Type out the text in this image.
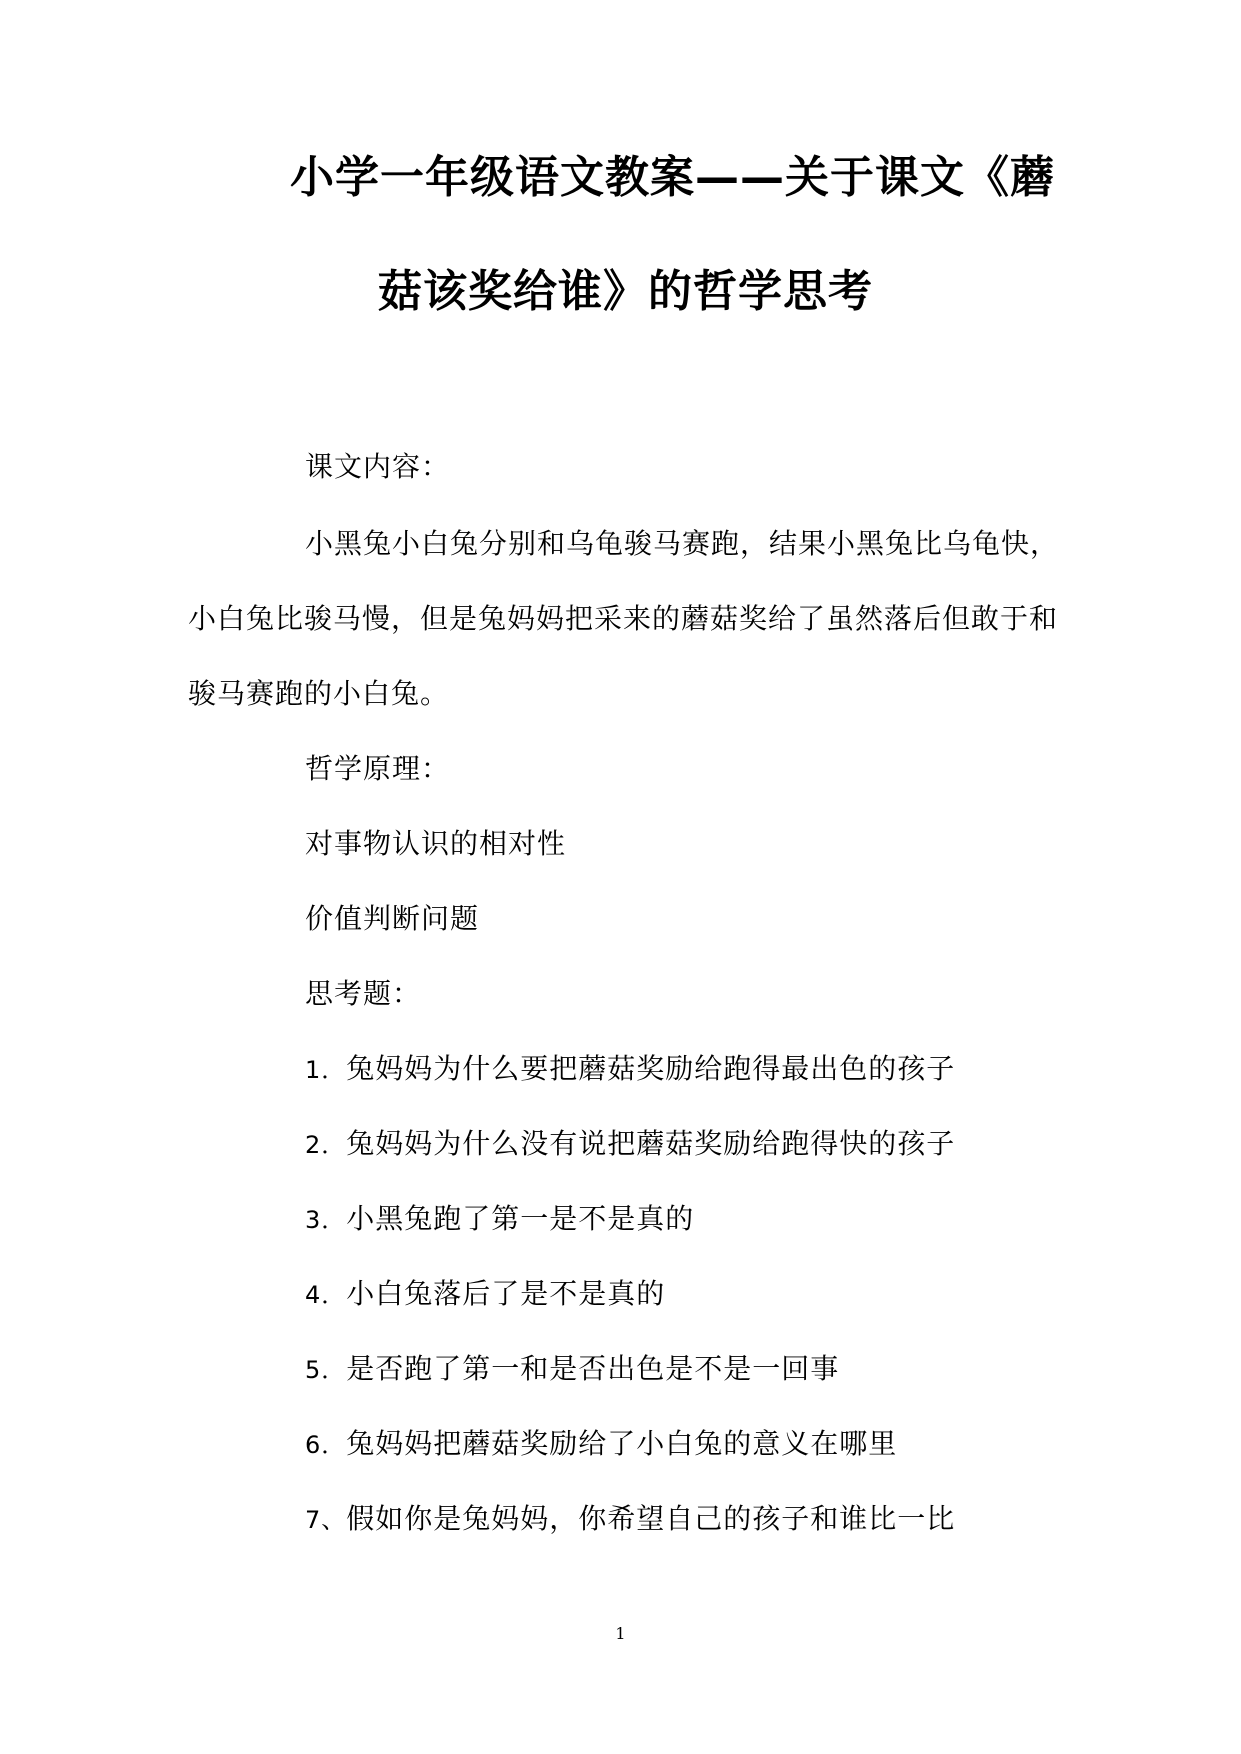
小学一年级语文教案——关于课文《蘑
菇该奖给谁》的哲学思考
课文内容：
小黑兔小白兔分别和乌龟骏马赛跑，结果小黑兔比乌龟快，
小白兔比骏马慢，但是兔妈妈把采来的蘑菇奖给了虽然落后但敢于和
骏马赛跑的小白兔。
哲学原理：
对事物认识的相对性
价值判断问题
思考题：
1．兔妈妈为什么要把蘑菇奖励给跑得最出色的孩子
2．兔妈妈为什么没有说把蘑菇奖励给跑得快的孩子
3．小黑兔跑了第一是不是真的
4．小白兔落后了是不是真的
5．是否跑了第一和是否出色是不是一回事
6．兔妈妈把蘑菇奖励给了小白兔的意义在哪里
7、假如你是兔妈妈，你希望自己的孩子和谁比一比
1
